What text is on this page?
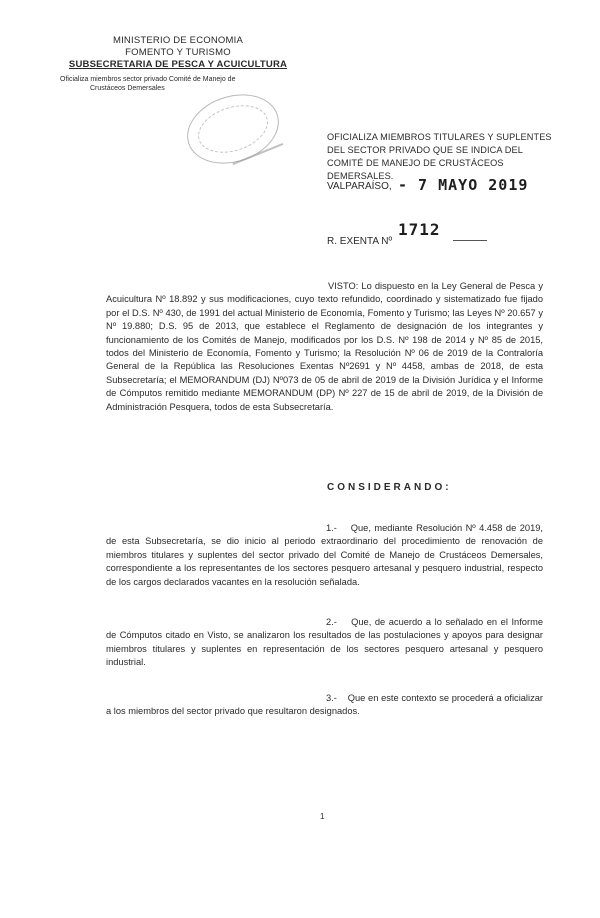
MINISTERIO DE ECONOMIA
FOMENTO Y TURISMO
SUBSECRETARIA DE PESCA Y ACUICULTURA
Oficializa miembros sector privado Comité de Manejo de
Crustáceos Demersales
OFICIALIZA MIEMBROS TITULARES Y SUPLENTES DEL SECTOR PRIVADO QUE SE INDICA DEL COMITÉ DE MANEJO DE CRUSTÁCEOS DEMERSALES.
VALPARAÍSO, - 7 MAYO 2019
R. EXENTA Nº
1712
VISTO: Lo dispuesto en la Ley General de Pesca y Acuicultura Nº 18.892 y sus modificaciones, cuyo texto refundido, coordinado y sistematizado fue fijado por el D.S. Nº 430, de 1991 del actual Ministerio de Economía, Fomento y Turismo; las Leyes Nº 20.657 y Nº 19.880; D.S. 95 de 2013, que establece el Reglamento de designación de los integrantes y funcionamiento de los Comités de Manejo, modificados por los D.S. Nº 198 de 2014 y Nº 85 de 2015, todos del Ministerio de Economía, Fomento y Turismo; la Resolución Nº 06 de 2019 de la Contraloría General de la República las Resoluciones Exentas Nº2691 y Nº 4458, ambas de 2018, de esta Subsecretaría; el MEMORANDUM (DJ) Nº073 de 05 de abril de 2019 de la División Jurídica y el Informe de Cómputos remitido mediante MEMORANDUM (DP) Nº 227 de 15 de abril de 2019, de la División de Administración Pesquera, todos de esta Subsecretaría.
CONSIDERANDO:
1.- Que, mediante Resolución Nº 4.458 de 2019, de esta Subsecretaría, se dio inicio al periodo extraordinario del procedimiento de renovación de miembros titulares y suplentes del sector privado del Comité de Manejo de Crustáceos Demersales, correspondiente a los representantes de los sectores pesquero artesanal y pesquero industrial, respecto de los cargos declarados vacantes en la resolución señalada.
2.- Que, de acuerdo a lo señalado en el Informe de Cómputos citado en Visto, se analizaron los resultados de las postulaciones y apoyos para designar miembros titulares y suplentes en representación de los sectores pesquero artesanal y pesquero industrial.
3.- Que en este contexto se procederá a oficializar a los miembros del sector privado que resultaron designados.
1
